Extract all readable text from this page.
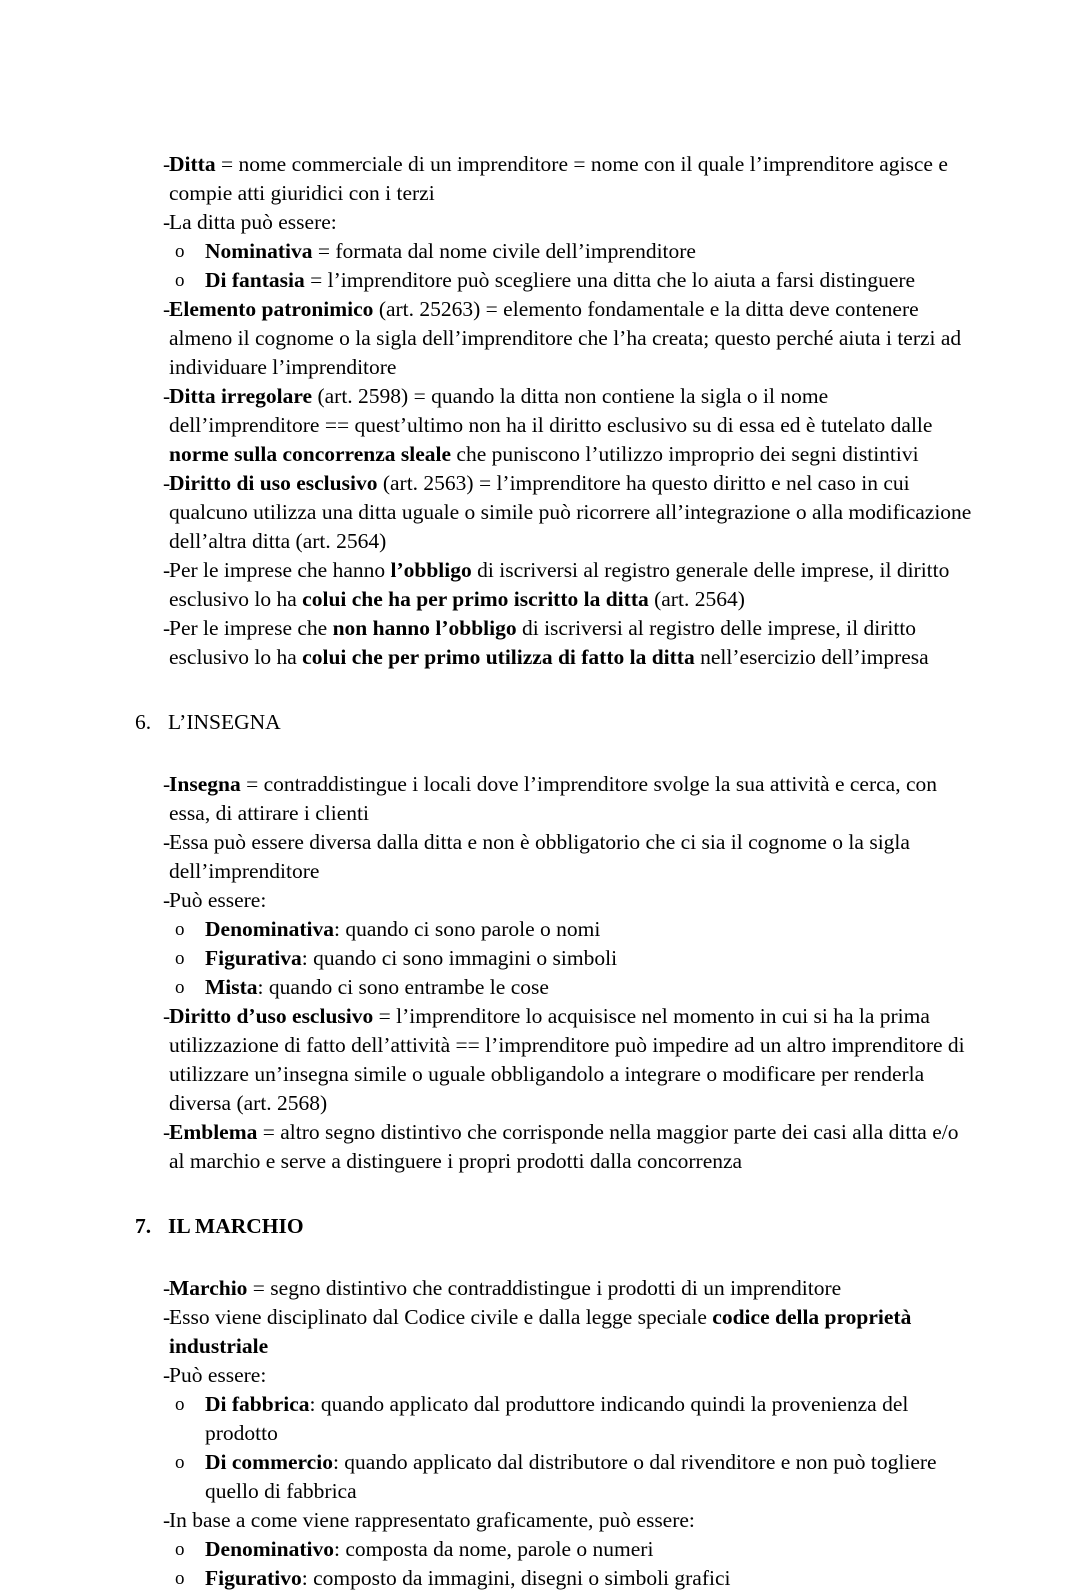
-
Ditta = nome commerciale di un imprenditore = nome con il quale l’imprenditore agisce e compie atti giuridici con i terzi
-
La ditta può essere:
o Nominativa = formata dal nome civile dell’imprenditore
o Di fantasia = l’imprenditore può scegliere una ditta che lo aiuta a farsi distinguere
-
Elemento patronimico (art. 25263) = elemento fondamentale e la ditta deve contenere almeno il cognome o la sigla dell’imprenditore che l’ha creata; questo perché aiuta i terzi ad individuare l’imprenditore
-
Ditta irregolare (art. 2598) = quando la ditta non contiene la sigla o il nome dell’imprenditore == quest’ultimo non ha il diritto esclusivo su di essa ed è tutelato dalle norme sulla concorrenza sleale che puniscono l’utilizzo improprio dei segni distintivi
-
Diritto di uso esclusivo (art. 2563) = l’imprenditore ha questo diritto e nel caso in cui qualcuno utilizza una ditta uguale o simile può ricorrere all’integrazione o alla modificazione dell’altra ditta (art. 2564)
-
Per le imprese che hanno l’obbligo di iscriversi al registro generale delle imprese, il diritto esclusivo lo ha colui che ha per primo iscritto la ditta (art. 2564)
-
Per le imprese che non hanno l’obbligo di iscriversi al registro delle imprese, il diritto esclusivo lo ha colui che per primo utilizza di fatto la ditta nell’esercizio dell’impresa
6. L’INSEGNA
-
Insegna = contraddistingue i locali dove l’imprenditore svolge la sua attività e cerca, con essa, di attirare i clienti
-
Essa può essere diversa dalla ditta e non è obbligatorio che ci sia il cognome o la sigla dell’imprenditore
-
Può essere:
o Denominativa: quando ci sono parole o nomi
o Figurativa: quando ci sono immagini o simboli
o Mista: quando ci sono entrambe le cose
-
Diritto d’uso esclusivo = l’imprenditore lo acquisisce nel momento in cui si ha la prima utilizzazione di fatto dell’attività == l’imprenditore può impedire ad un altro imprenditore di utilizzare un’insegna simile o uguale obbligandolo a integrare o modificare per renderla diversa (art. 2568)
-
Emblema = altro segno distintivo che corrisponde nella maggior parte dei casi alla ditta e/o al marchio e serve a distinguere i propri prodotti dalla concorrenza
7. IL MARCHIO
-
Marchio = segno distintivo che contraddistingue i prodotti di un imprenditore
-
Esso viene disciplinato dal Codice civile e dalla legge speciale codice della proprietà industriale
-
Può essere:
o Di fabbrica: quando applicato dal produttore indicando quindi la provenienza del prodotto
o Di commercio: quando applicato dal distributore o dal rivenditore e non può togliere quello di fabbrica
-
In base a come viene rappresentato graficamente, può essere:
o Denominativo: composta da nome, parole o numeri
o Figurativo: composto da immagini, disegni o simboli grafici
